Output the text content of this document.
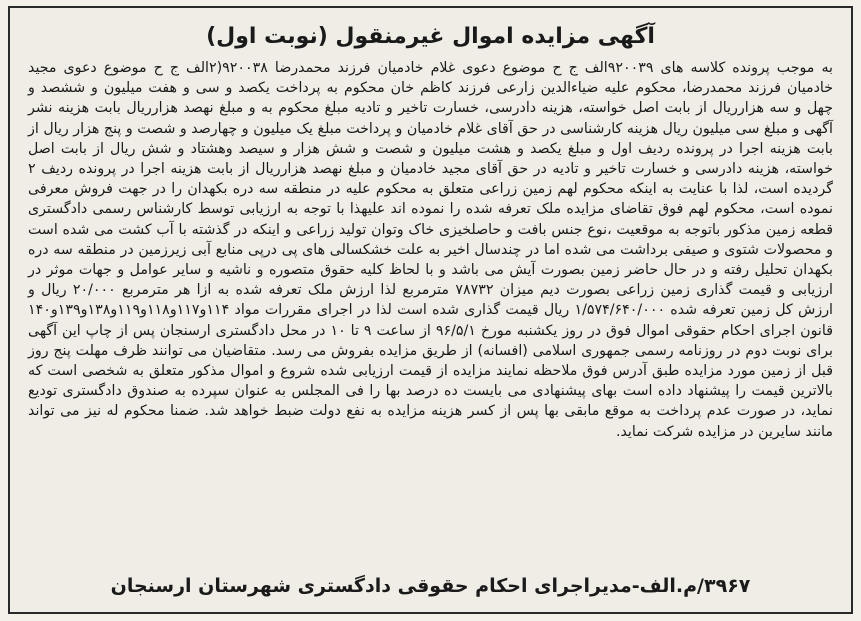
آگهی مزایده اموال غیرمنقول (نوبت اول)

به موجب پرونده کلاسه های ۹۲۰۰۳۹الف ج ح موضوع دعوی غلام خادمیان فرزند محمدرضا ۹۲۰۰۳۸(۲الف ج ح موضوع دعوی مجید خادمیان فرزند محمدرضا، محکوم علیه ضیاءالدین زارعی فرزند کاظم خان محکوم به پرداخت یکصد و سی و هفت میلیون و ششصد و چهل و سه هزارریال از بابت اصل خواسته، هزینه دادرسی، خسارت تاخیر و تادیه مبلغ محکوم به و مبلغ نهصد هزارریال بابت هزینه نشر آگهی و مبلغ سی میلیون ریال هزینه کارشناسی در حق آقای غلام خادمیان و پرداخت مبلغ یک میلیون و چهارصد و شصت و پنج هزار ریال از بابت هزینه اجرا در پرونده ردیف اول و مبلغ یکصد و هشت میلیون و شصت و شش هزار و سیصد وهشتاد و شش ریال از بابت اصل خواسته، هزینه دادرسی و خسارت تاخیر و تادیه در حق آقای مجید خادمیان و مبلغ نهصد هزارریال از بابت هزینه اجرا در پرونده ردیف ۲ گردیده است، لذا با عنایت به اینکه محکوم لهم زمین زراعی متعلق به محکوم علیه در منطقه سه دره بکهدان را در جهت فروش معرفی نموده است، محکوم لهم فوق تقاضای مزایده ملک تعرفه شده را نموده اند علیهذا با توجه به ارزیابی توسط کارشناس رسمی دادگستری قطعه زمین مذکور باتوجه به موقعیت ،نوع جنس بافت و حاصلخیزی خاک وتوان تولید زراعی و اینکه در گذشته با آب کشت می شده است و محصولات شتوی و صیفی برداشت می شده اما در چندسال اخیر به علت خشکسالی های پی درپی منابع آبی زیرزمین در منطقه سه دره بکهدان تحلیل رفته و در حال حاضر زمین بصورت آیش می باشد و با لحاظ کلیه حقوق متصوره و ناشیه و سایر عوامل و جهات موثر در ارزیابی و قیمت گذاری زمین زراعی بصورت دیم میزان ۷۸۷۳۲ مترمربع لذا ارزش ملک تعرفه شده به ازا هر مترمربع ۲۰/۰۰۰ ریال و ارزش کل زمین تعرفه شده ۱/۵۷۴/۶۴۰/۰۰۰ ریال قیمت گذاری شده است لذا در اجرای مقررات مواد ۱۱۴و۱۱۷و۱۱۸و۱۱۹و۱۳۸و۱۳۹و۱۴۰ قانون اجرای احکام حقوقی اموال فوق در روز یکشنبه مورخ ۹۶/۵/۱ از ساعت ۹ تا ۱۰ در محل دادگستری ارسنجان پس از چاپ این آگهی برای نوبت دوم در روزنامه رسمی جمهوری اسلامی (افسانه) از طریق مزایده بفروش می رسد. متقاضیان می توانند ظرف مهلت پنج روز قبل از زمین مورد مزایده طبق آدرس فوق ملاحظه نمایند مزایده از قیمت ارزیابی شده شروع و اموال مذکور متعلق به شخصی است که بالاترین قیمت را پیشنهاد داده است بهای پیشنهادی می بایست ده درصد بها را فی المجلس به عنوان سپرده به صندوق دادگستری تودیع نماید، در صورت عدم پرداخت به موقع مابقی بها پس از کسر هزینه مزایده به نفع دولت ضبط خواهد شد. ضمنا محکوم له نیز می تواند مانند سایرین در مزایده شرکت نماید.

۳۹۶۷/م.الف-مدیراجرای احکام حقوقی دادگستری شهرستان ارسنجان
